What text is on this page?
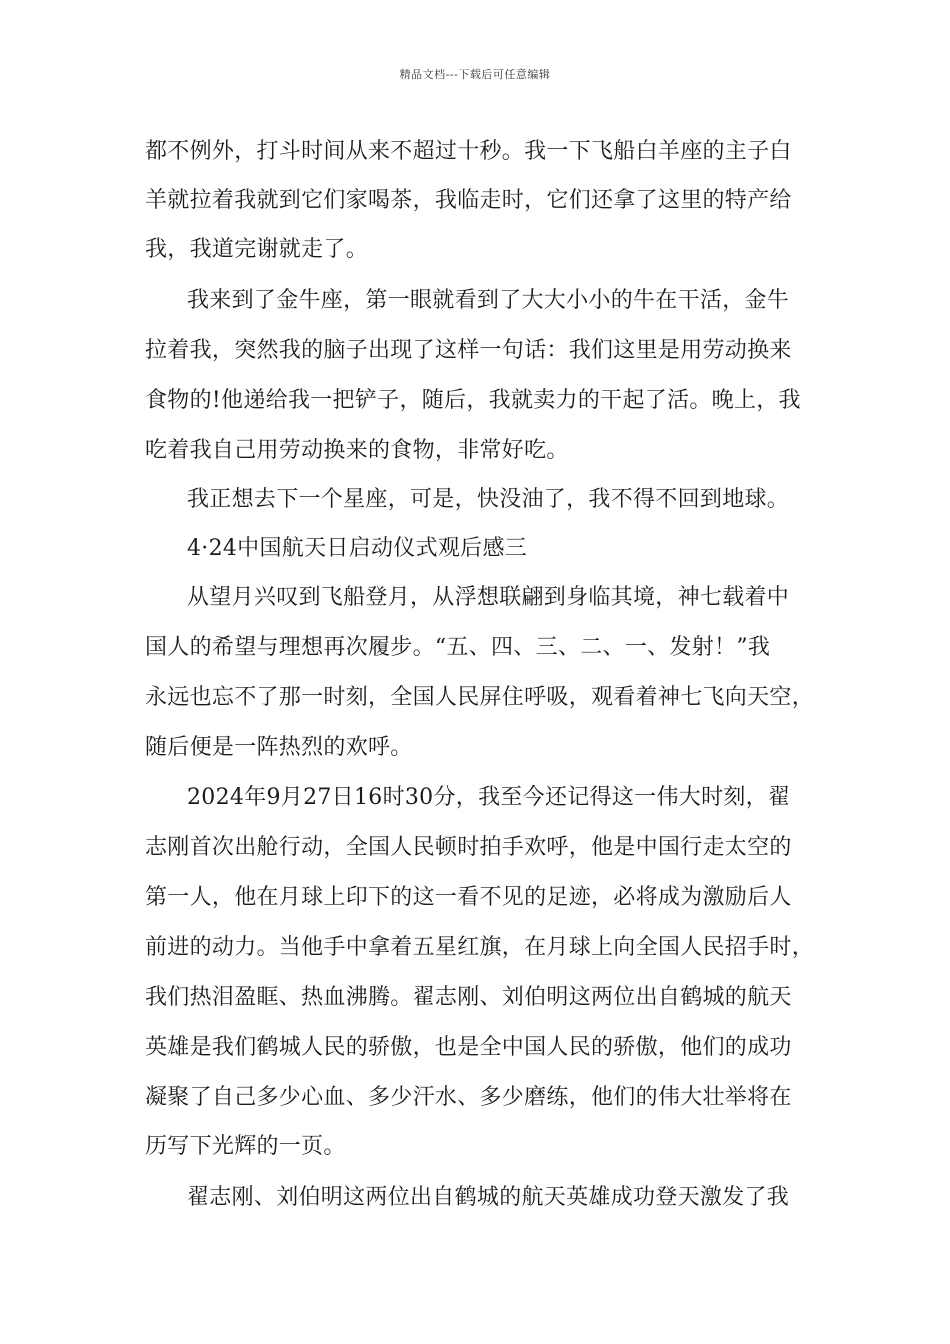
精品文档---下载后可任意编辑
都不例外，打斗时间从来不超过十秒。我一下飞船白羊座的主子白
羊就拉着我就到它们家喝茶，我临走时，它们还拿了这里的特产给
我，我道完谢就走了。
我来到了金牛座，第一眼就看到了大大小小的牛在干活，金牛
拉着我，突然我的脑子出现了这样一句话：我们这里是用劳动换来
食物的!他递给我一把铲子，随后，我就卖力的干起了活。晚上，我
吃着我自己用劳动换来的食物，非常好吃。
我正想去下一个星座，可是，快没油了，我不得不回到地球。
4·24中国航天日启动仪式观后感三
从望月兴叹到飞船登月，从浮想联翩到身临其境，神七载着中
国人的希望与理想再次履步。“五、四、三、二、一、发射！”我
永远也忘不了那一时刻，全国人民屏住呼吸，观看着神七飞向天空，
随后便是一阵热烈的欢呼。
2024年9月27日16时30分，我至今还记得这一伟大时刻，翟
志刚首次出舱行动，全国人民顿时拍手欢呼，他是中国行走太空的
第一人，他在月球上印下的这一看不见的足迹，必将成为激励后人
前进的动力。当他手中拿着五星红旗，在月球上向全国人民招手时，
我们热泪盈眶、热血沸腾。翟志刚、刘伯明这两位出自鹤城的航天
英雄是我们鹤城人民的骄傲，也是全中国人民的骄傲，他们的成功
凝聚了自己多少心血、多少汗水、多少磨练，他们的伟大壮举将在
历写下光辉的一页。
翟志刚、刘伯明这两位出自鹤城的航天英雄成功登天激发了我
